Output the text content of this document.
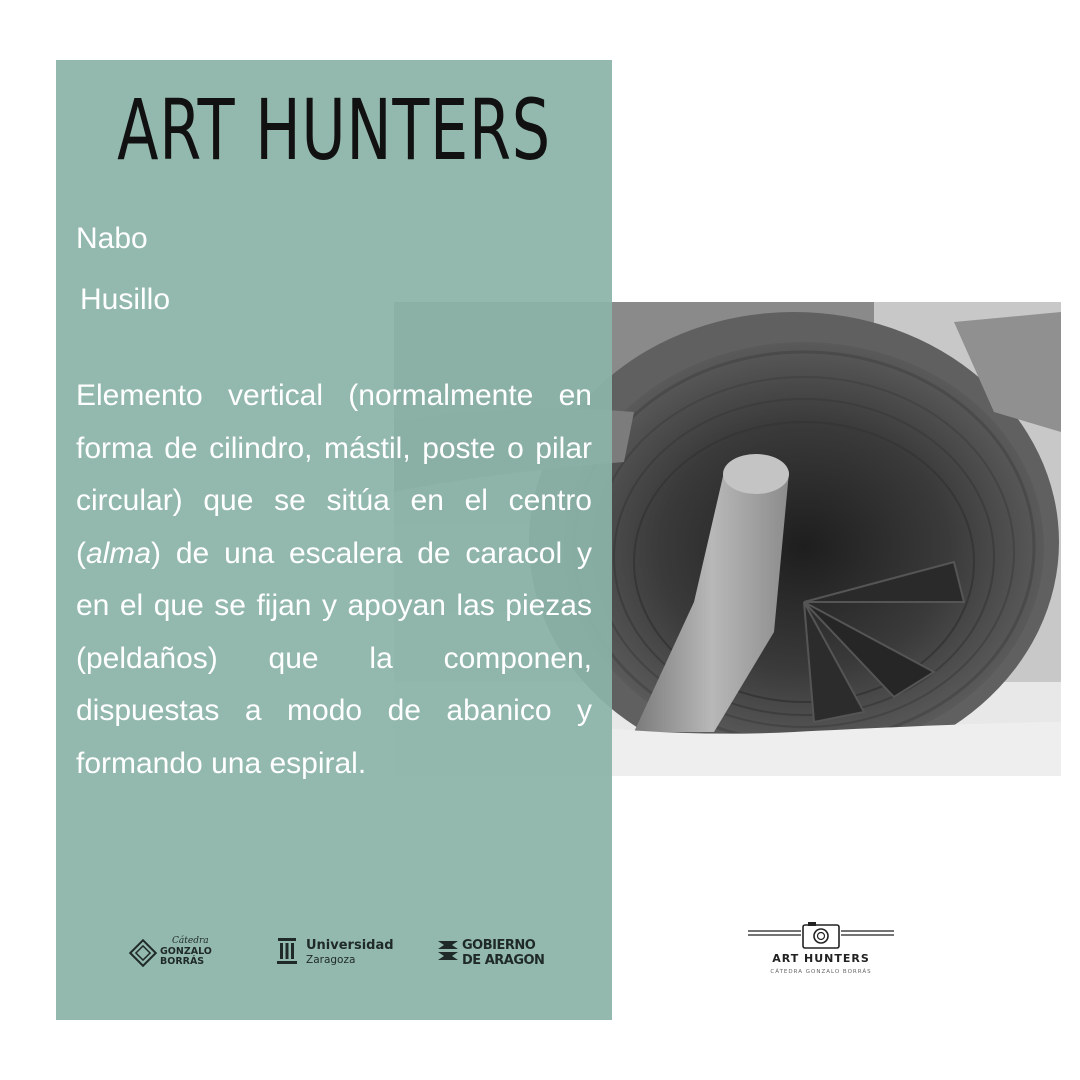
ART HUNTERS
Nabo
Husillo

Elemento vertical (normalmente en forma de cilindro, mástil, poste o pilar circular) que se sitúa en el centro (alma) de una escalera de caracol y en el que se fijan y apoyan las piezas (peldaños) que la componen, dispuestas a modo de abanico y formando una espiral.

Cátedra
GONZALO
BORRÁS
Universidad
Zaragoza
GOBIERNO
DE ARAGON	ART HUNTERS
CÁTEDRA GONZALO BORRÁS
